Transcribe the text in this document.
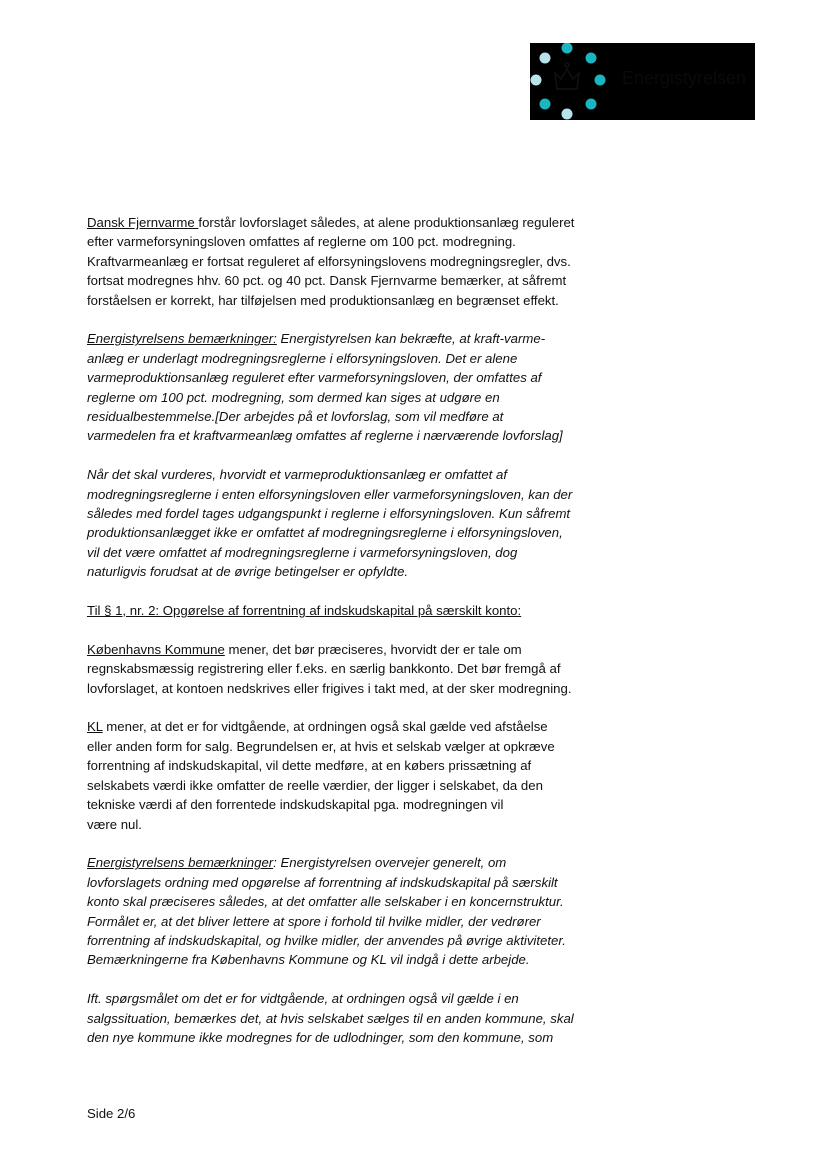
Energistyrelsen
Dansk Fjernvarme forstår lovforslaget således, at alene produktionsanlæg reguleret
efter varmeforsyningsloven omfattes af reglerne om 100 pct. modregning.
Kraftvarmeanlæg er fortsat reguleret af elforsyningslovens modregningsregler, dvs.
fortsat modregnes hhv. 60 pct. og 40 pct. Dansk Fjernvarme bemærker, at såfremt
forståelsen er korrekt, har tilføjelsen med produktionsanlæg en begrænset effekt.
Energistyrelsens bemærkninger: Energistyrelsen kan bekræfte, at kraft-varme-
anlæg er underlagt modregningsreglerne i elforsyningsloven. Det er alene
varmeproduktionsanlæg reguleret efter varmeforsyningsloven, der omfattes af
reglerne om 100 pct. modregning, som dermed kan siges at udgøre en
residualbestemmelse.[Der arbejdes på et lovforslag, som vil medføre at
varmedelen fra et kraftvarmeanlæg omfattes af reglerne i nærværende lovforslag]
Når det skal vurderes, hvorvidt et varmeproduktionsanlæg er omfattet af
modregningsreglerne i enten elforsyningsloven eller varmeforsyningsloven, kan der
således med fordel tages udgangspunkt i reglerne i elforsyningsloven. Kun såfremt
produktionsanlægget ikke er omfattet af modregningsreglerne i elforsyningsloven,
vil det være omfattet af modregningsreglerne i varmeforsyningsloven, dog
naturligvis forudsat at de øvrige betingelser er opfyldte.
Til § 1, nr. 2: Opgørelse af forrentning af indskudskapital på særskilt konto:
Københavns Kommune mener, det bør præciseres, hvorvidt der er tale om
regnskabsmæssig registrering eller f.eks. en særlig bankkonto. Det bør fremgå af
lovforslaget, at kontoen nedskrives eller frigives i takt med, at der sker modregning.
KL mener, at det er for vidtgående, at ordningen også skal gælde ved afståelse
eller anden form for salg. Begrundelsen er, at hvis et selskab vælger at opkræve
forrentning af indskudskapital, vil dette medføre, at en købers prissætning af
selskabets værdi ikke omfatter de reelle værdier, der ligger i selskabet, da den
tekniske værdi af den forrentede indskudskapital pga. modregningen vil
være nul.
Energistyrelsens bemærkninger: Energistyrelsen overvejer generelt, om
lovforslagets ordning med opgørelse af forrentning af indskudskapital på særskilt
konto skal præciseres således, at det omfatter alle selskaber i en koncernstruktur.
Formålet er, at det bliver lettere at spore i forhold til hvilke midler, der vedrører
forrentning af indskudskapital, og hvilke midler, der anvendes på øvrige aktiviteter.
Bemærkningerne fra Københavns Kommune og KL vil indgå i dette arbejde.
Ift. spørgsmålet om det er for vidtgående, at ordningen også vil gælde i en
salgssituation, bemærkes det, at hvis selskabet sælges til en anden kommune, skal
den nye kommune ikke modregnes for de udlodninger, som den kommune, som
Side 2/6
